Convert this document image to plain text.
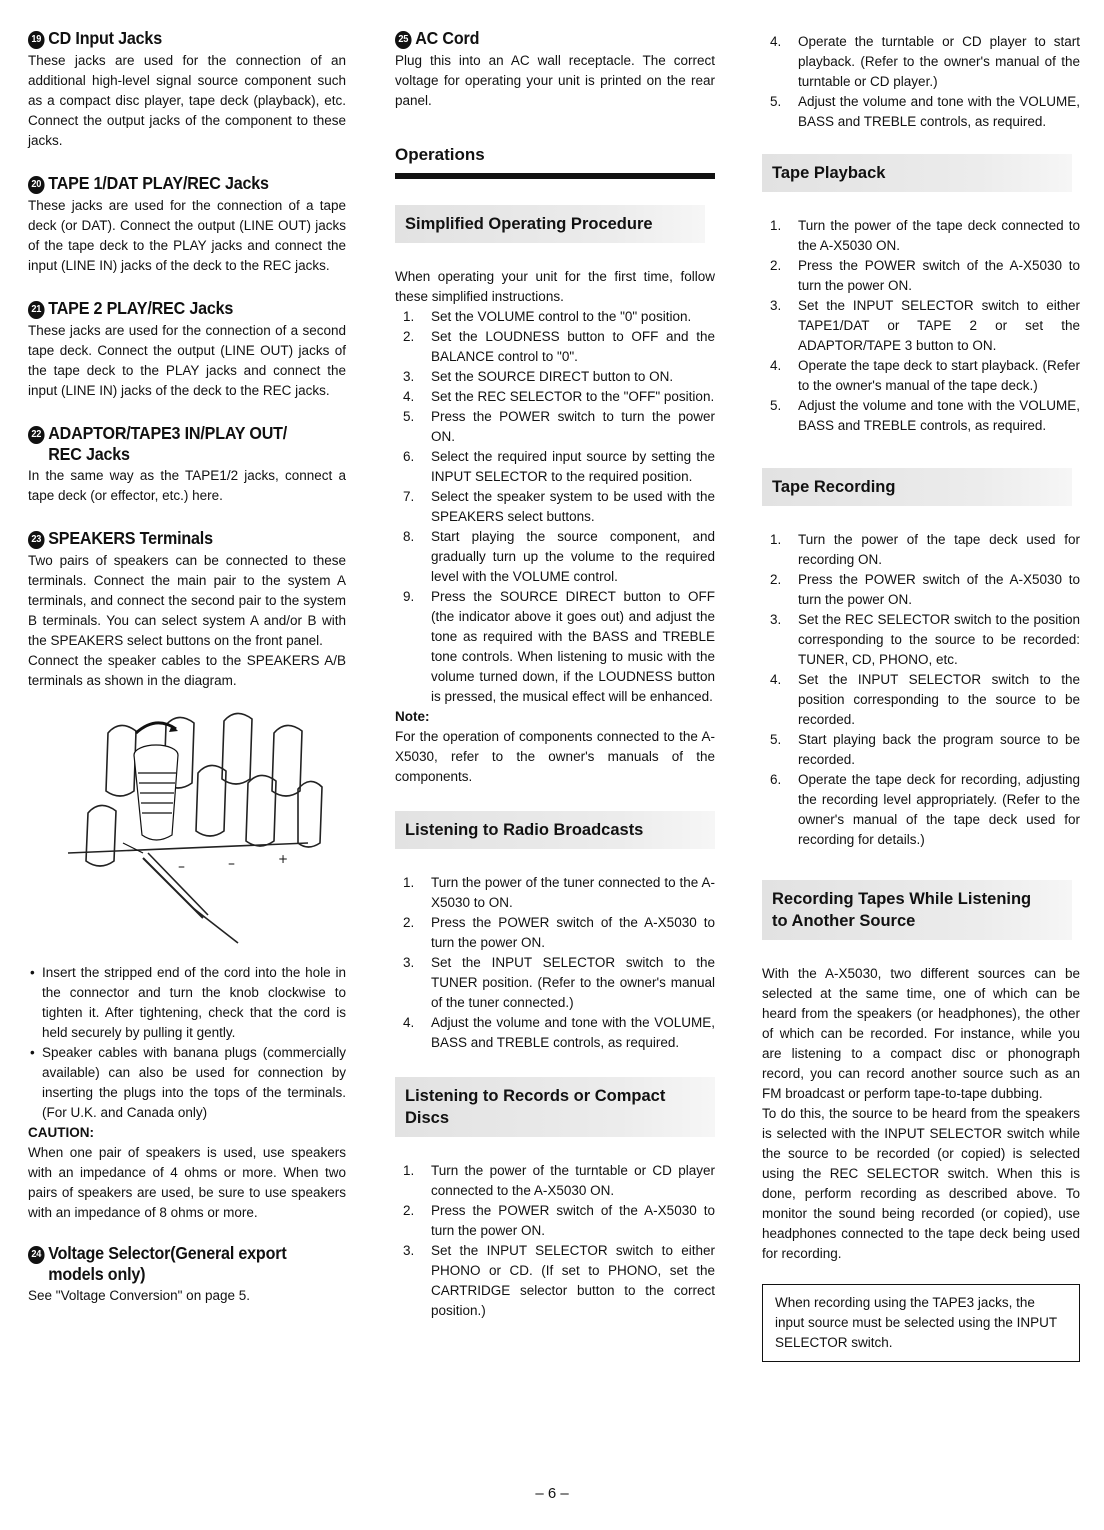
19 CD Input Jacks

These jacks are used for the connection of an additional high-level signal source component such as a compact disc player, tape deck (playback), etc. Connect the output jacks of the component to these jacks.

20 TAPE 1/DAT PLAY/REC Jacks

These jacks are used for the connection of a tape deck (or DAT). Connect the output (LINE OUT) jacks of the tape deck to the PLAY jacks and connect the input (LINE IN) jacks of the deck to the REC jacks.

21 TAPE 2 PLAY/REC Jacks

These jacks are used for the connection of a second tape deck. Connect the output (LINE OUT) jacks of the tape deck to the PLAY jacks and connect the input (LINE IN) jacks of the deck to the REC jacks.

22 ADAPTOR/TAPE3 IN/PLAY OUT/
REC Jacks

In the same way as the TAPE1/2 jacks, connect a tape deck (or effector, etc.) here.

23 SPEAKERS Terminals

Two pairs of speakers can be connected to these terminals. Connect the main pair to the system A terminals, and connect the second pair to the system B terminals. You can select system A and/or B with the SPEAKERS select buttons on the front panel.

Connect the speaker cables to the SPEAKERS A/B terminals as shown in the diagram.

–	–	+
• Insert the stripped end of the cord into the hole in the connector and turn the knob clockwise to tighten it. After tightening, check that the cord is held securely by pulling it gently.
• Speaker cables with banana plugs (commercially available) can also be used for connection by inserting the plugs into the tops of the terminals. (For U.K. and Canada only)

CAUTION:

When one pair of speakers is used, use speakers with an impedance of 4 ohms or more. When two pairs of speakers are used, be sure to use speakers with an impedance of 8 ohms or more.

24 Voltage Selector(General export
models only)

See "Voltage Conversion" on page 5.

25 AC Cord

Plug this into an AC wall receptacle. The correct voltage for operating your unit is printed on the rear panel.

Operations
Simplified Operating Procedure

When operating your unit for the first time, follow these simplified instructions.

1. Set the VOLUME control to the "0" position.
2. Set the LOUDNESS button to OFF and the BALANCE control to "0".
3. Set the SOURCE DIRECT button to ON.
4. Set the REC SELECTOR to the "OFF" position.
5. Press the POWER switch to turn the power ON.
6. Select the required input source by setting the INPUT SELECTOR to the required position.
7. Select the speaker system to be used with the SPEAKERS select buttons.
8. Start playing the source component, and gradually turn up the volume to the required level with the VOLUME control.
9. Press the SOURCE DIRECT button to OFF (the indicator above it goes out) and adjust the tone as required with the BASS and TREBLE tone controls. When listening to music with the volume turned down, if the LOUDNESS button is pressed, the musical effect will be enhanced.

Note:

For the operation of components connected to the A-X5030, refer to the owner's manuals of the components.

Listening to Radio Broadcasts
1. Turn the power of the tuner connected to the A-X5030 to ON.
2. Press the POWER switch of the A-X5030 to turn the power ON.
3. Set the INPUT SELECTOR switch to the TUNER position. (Refer to the owner's manual of the tuner connected.)
4. Adjust the volume and tone with the VOLUME, BASS and TREBLE controls, as required.
Listening to Records or Compact
Discs
1. Turn the power of the turntable or CD player connected to the A-X5030 ON.
2. Press the POWER switch of the A-X5030 to turn the power ON.
3. Set the INPUT SELECTOR switch to either PHONO or CD. (If set to PHONO, set the CARTRIDGE selector button to the correct position.)
4. Operate the turntable or CD player to start playback. (Refer to the owner's manual of the turntable or CD player.)
5. Adjust the volume and tone with the VOLUME, BASS and TREBLE controls, as required.
Tape Playback
1. Turn the power of the tape deck connected to the A-X5030 ON.
2. Press the POWER switch of the A-X5030 to turn the power ON.
3. Set the INPUT SELECTOR switch to either TAPE1/DAT or TAPE 2 or set the ADAPTOR/TAPE 3 button to ON.
4. Operate the tape deck to start playback. (Refer to the owner's manual of the tape deck.)
5. Adjust the volume and tone with the VOLUME, BASS and TREBLE controls, as required.
Tape Recording
1. Turn the power of the tape deck used for recording ON.
2. Press the POWER switch of the A-X5030 to turn the power ON.
3. Set the REC SELECTOR switch to the position corresponding to the source to be recorded: TUNER, CD, PHONO, etc.
4. Set the INPUT SELECTOR switch to the position corresponding to the source to be recorded.
5. Start playing back the program source to be recorded.
6. Operate the tape deck for recording, adjusting the recording level appropriately. (Refer to the owner's manual of the tape deck used for recording for details.)
Recording Tapes While Listening
to Another Source

With the A-X5030, two different sources can be selected at the same time, one of which can be heard from the speakers (or headphones), the other of which can be recorded. For instance, while you are listening to a compact disc or phonograph record, you can record another source such as an FM broadcast or perform tape-to-tape dubbing.

To do this, the source to be heard from the speakers is selected with the INPUT SELECTOR switch while the source to be recorded (or copied) is selected using the REC SELECTOR switch. When this is done, perform recording as described above. To monitor the sound being recorded (or copied), use headphones connected to the tape deck being used for recording.

When recording using the TAPE3 jacks, the input source must be selected using the INPUT SELECTOR switch.
– 6 –
